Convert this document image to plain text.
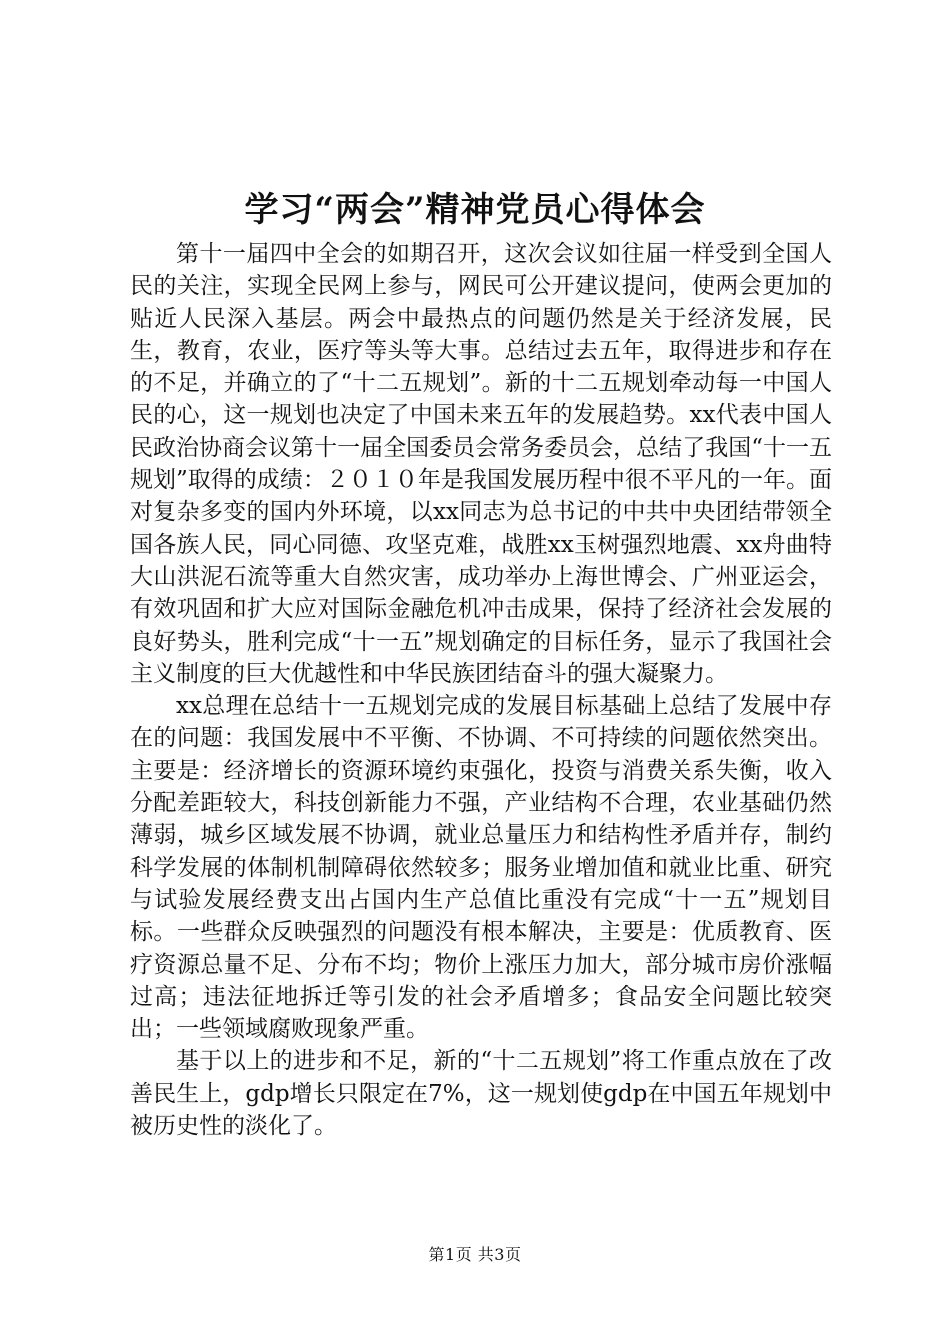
学习“两会”精神党员心得体会

第十一届四中全会的如期召开，这次会议如往届一样受到全国人民的关注，实现全民网上参与，网民可公开建议提问，使两会更加的贴近人民深入基层。两会中最热点的问题仍然是关于经济发展，民生，教育，农业，医疗等头等大事。总结过去五年，取得进步和存在的不足，并确立的了“十二五规划”。新的十二五规划牵动每一中国人民的心，这一规划也决定了中国未来五年的发展趋势。xx代表中国人民政治协商会议第十一届全国委员会常务委员会，总结了我国“十一五规划”取得的成绩：２０１０年是我国发展历程中很不平凡的一年。面对复杂多变的国内外环境，以xx同志为总书记的中共中央团结带领全国各族人民，同心同德、攻坚克难，战胜xx玉树强烈地震、xx舟曲特大山洪泥石流等重大自然灾害，成功举办上海世博会、广州亚运会，有效巩固和扩大应对国际金融危机冲击成果，保持了经济社会发展的良好势头，胜利完成“十一五”规划确定的目标任务，显示了我国社会主义制度的巨大优越性和中华民族团结奋斗的强大凝聚力。

xx总理在总结十一五规划完成的发展目标基础上总结了发展中存在的问题：我国发展中不平衡、不协调、不可持续的问题依然突出。主要是：经济增长的资源环境约束强化，投资与消费关系失衡，收入分配差距较大，科技创新能力不强，产业结构不合理，农业基础仍然薄弱，城乡区域发展不协调，就业总量压力和结构性矛盾并存，制约科学发展的体制机制障碍依然较多；服务业增加值和就业比重、研究与试验发展经费支出占国内生产总值比重没有完成“十一五”规划目标。一些群众反映强烈的问题没有根本解决，主要是：优质教育、医疗资源总量不足、分布不均；物价上涨压力加大，部分城市房价涨幅过高；违法征地拆迁等引发的社会矛盾增多；食品安全问题比较突出；一些领域腐败现象严重。

基于以上的进步和不足，新的“十二五规划”将工作重点放在了改善民生上，gdp增长只限定在7%，这一规划使gdp在中国五年规划中被历史性的淡化了。

第1页 共3页
